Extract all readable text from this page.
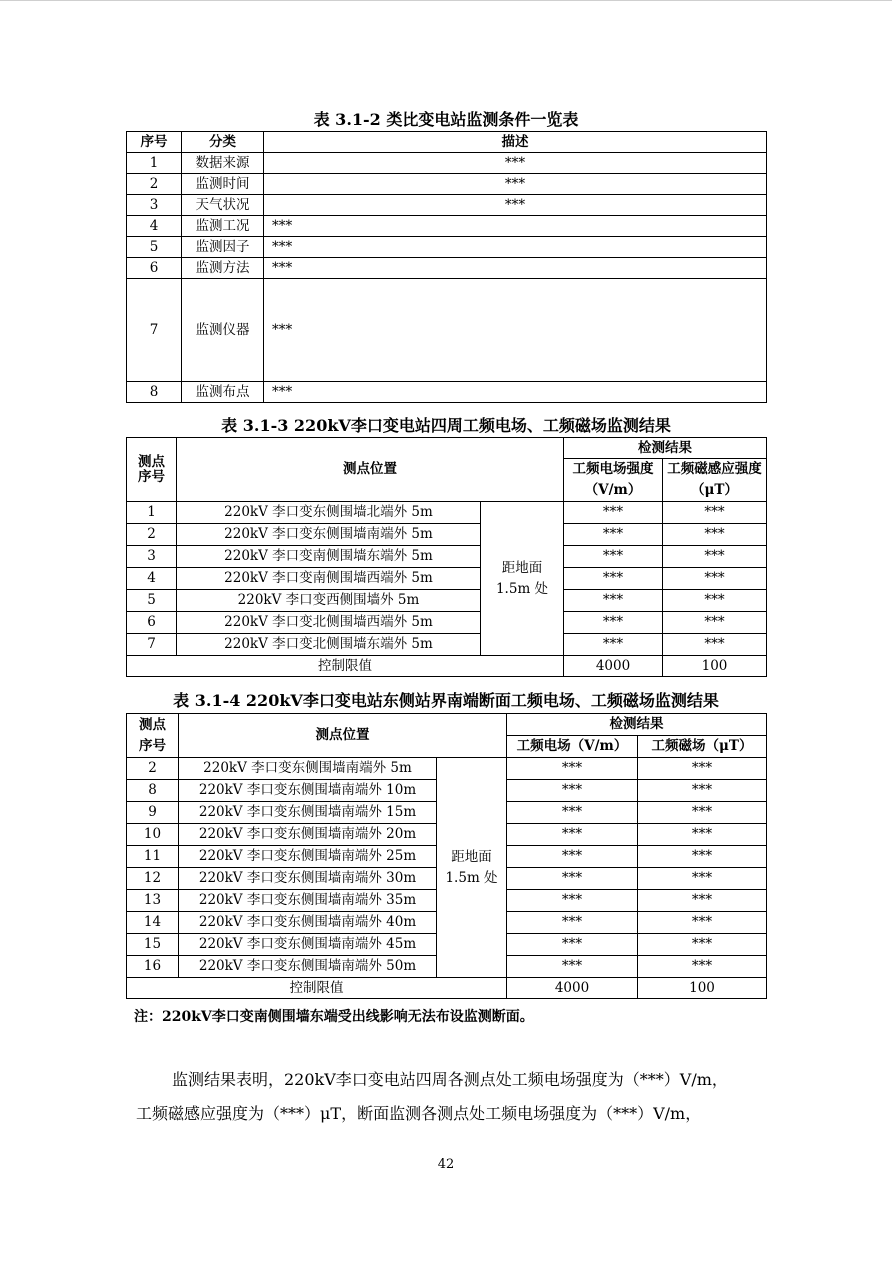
表 3.1-2 类比变电站监测条件一览表
序号	分类	描述
1	数据来源	***
2	监测时间	***
3	天气状况	***
4	监测工况	***
5	监测因子	***
6	监测方法	***
7	监测仪器	***
8	监测布点	***
表 3.1-3 220kV李口变电站四周工频电场、工频磁场监测结果
测点序号	测点位置		检测结果	
			工频电场强度（V/m）	工频磁感应强度（μT）
1	220kV 李口变东侧围墙北端外 5m	距地面1.5m 处	***	***
2	220kV 李口变东侧围墙南端外 5m		***	***
3	220kV 李口变南侧围墙东端外 5m		***	***
4	220kV 李口变南侧围墙西端外 5m		***	***
5	220kV 李口变西侧围墙外 5m		***	***
6	220kV 李口变北侧围墙西端外 5m		***	***
7	220kV 李口变北侧围墙东端外 5m		***	***
控制限值			4000	100
表 3.1-4 220kV李口变电站东侧站界南端断面工频电场、工频磁场监测结果
测点序号	测点位置		检测结果	
			工频电场（V/m）	工频磁场（μT）
2	220kV 李口变东侧围墙南端外 5m	距地面1.5m 处	***	***
8	220kV 李口变东侧围墙南端外 10m		***	***
9	220kV 李口变东侧围墙南端外 15m		***	***
10	220kV 李口变东侧围墙南端外 20m		***	***
11	220kV 李口变东侧围墙南端外 25m		***	***
12	220kV 李口变东侧围墙南端外 30m		***	***
13	220kV 李口变东侧围墙南端外 35m		***	***
14	220kV 李口变东侧围墙南端外 40m		***	***
15	220kV 李口变东侧围墙南端外 45m		***	***
16	220kV 李口变东侧围墙南端外 50m		***	***
控制限值			4000	100
注：220kV李口变南侧围墙东端受出线影响无法布设监测断面。
监测结果表明，220kV李口变电站四周各测点处工频电场强度为（***）V/m，
工频磁感应强度为（***）μT，断面监测各测点处工频电场强度为（***）V/m，
42
